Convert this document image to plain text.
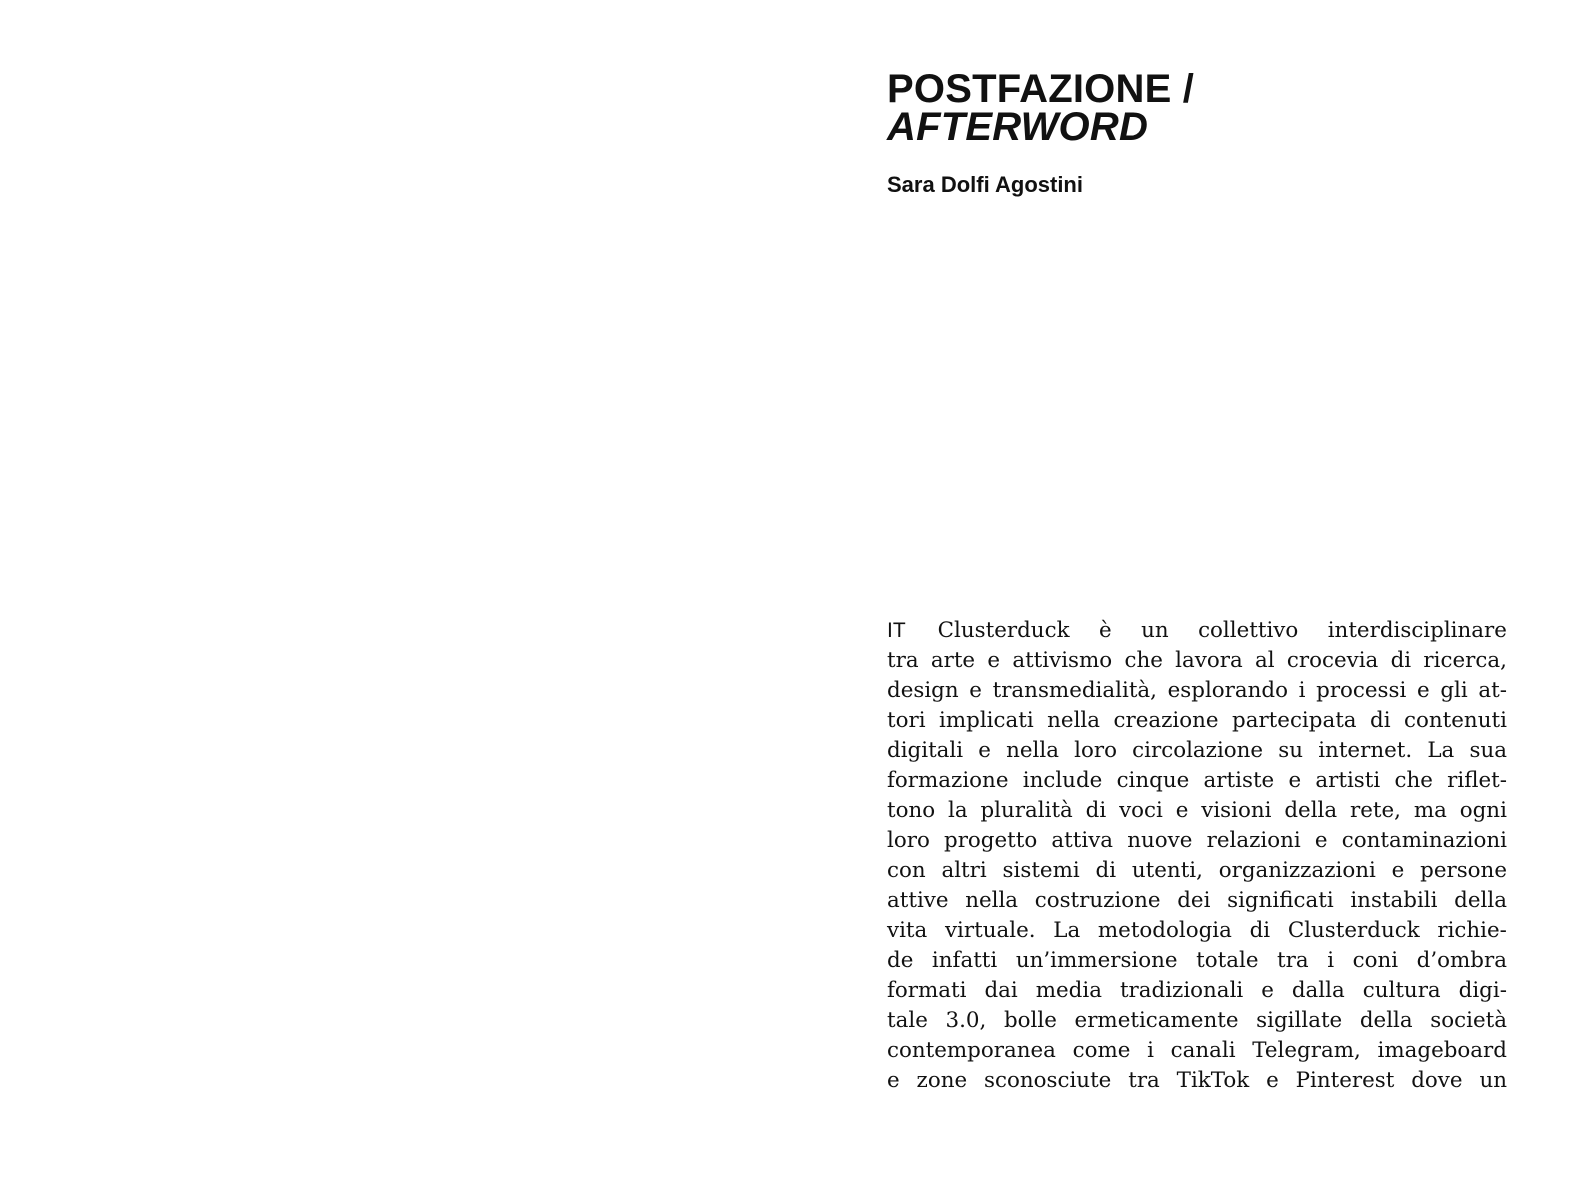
POSTFAZIONE /
AFTERWORD
Sara Dolfi Agostini
IT Clusterduck è un collettivo interdisciplinare
tra arte e attivismo che lavora al crocevia di ricerca,
design e transmedialità, esplorando i processi e gli at-
tori implicati nella creazione partecipata di contenuti
digitali e nella loro circolazione su internet. La sua
formazione include cinque artiste e artisti che riflet-
tono la pluralità di voci e visioni della rete, ma ogni
loro progetto attiva nuove relazioni e contaminazioni
con altri sistemi di utenti, organizzazioni e persone
attive nella costruzione dei significati instabili della
vita virtuale. La metodologia di Clusterduck richie-
de infatti un’immersione totale tra i coni d’ombra
formati dai media tradizionali e dalla cultura digi-
tale 3.0, bolle ermeticamente sigillate della società
contemporanea come i canali Telegram, imageboard
e zone sconosciute tra TikTok e Pinterest dove un
